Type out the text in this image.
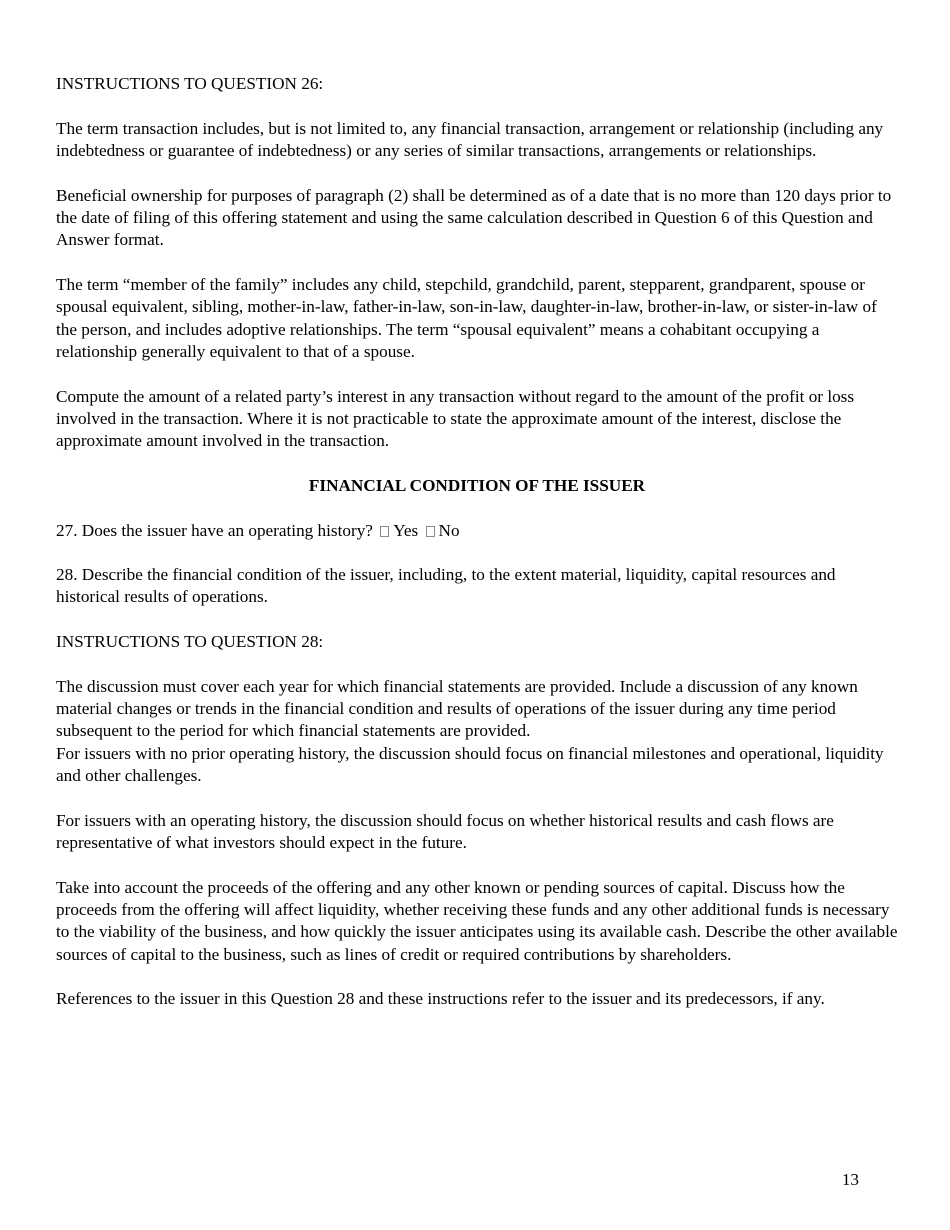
INSTRUCTIONS TO QUESTION 26:

The term transaction includes, but is not limited to, any financial transaction, arrangement or relationship (including any indebtedness or guarantee of indebtedness) or any series of similar transactions, arrangements or relationships.

Beneficial ownership for purposes of paragraph (2) shall be determined as of a date that is no more than 120 days prior to the date of filing of this offering statement and using the same calculation described in Question 6 of this Question and Answer format.

The term “member of the family” includes any child, stepchild, grandchild, parent, stepparent, grandparent, spouse or spousal equivalent, sibling, mother-in-law, father-in-law, son-in-law, daughter-in-law, brother-in-law, or sister-in-law of the person, and includes adoptive relationships. The term “spousal equivalent” means a cohabitant occupying a relationship generally equivalent to that of a spouse.

Compute the amount of a related party’s interest in any transaction without regard to the amount of the profit or loss involved in the transaction. Where it is not practicable to state the approximate amount of the interest, disclose the approximate amount involved in the transaction.

FINANCIAL CONDITION OF THE ISSUER

27. Does the issuer have an operating history? Yes No

28. Describe the financial condition of the issuer, including, to the extent material, liquidity, capital resources and historical results of operations.

INSTRUCTIONS TO QUESTION 28:

The discussion must cover each year for which financial statements are provided. Include a discussion of any known material changes or trends in the financial condition and results of operations of the issuer during any time period subsequent to the period for which financial statements are provided.

For issuers with no prior operating history, the discussion should focus on financial milestones and operational, liquidity and other challenges.

For issuers with an operating history, the discussion should focus on whether historical results and cash flows are representative of what investors should expect in the future.

Take into account the proceeds of the offering and any other known or pending sources of capital. Discuss how the proceeds from the offering will affect liquidity, whether receiving these funds and any other additional funds is necessary to the viability of the business, and how quickly the issuer anticipates using its available cash. Describe the other available sources of capital to the business, such as lines of credit or required contributions by shareholders.

References to the issuer in this Question 28 and these instructions refer to the issuer and its predecessors, if any.

13
